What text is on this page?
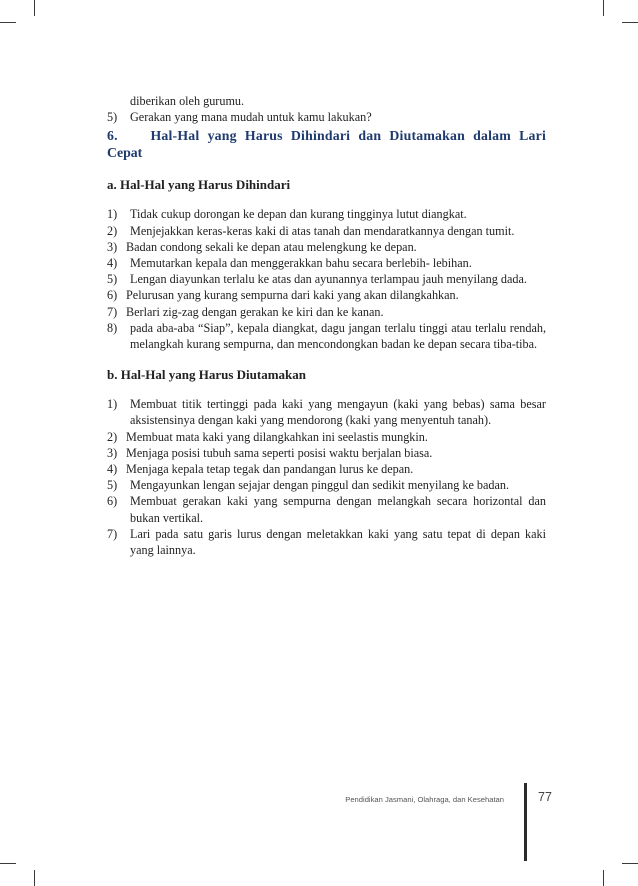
diberikan oleh gurumu.
5)	Gerakan yang mana mudah untuk kamu lakukan?
6. Hal-Hal yang Harus Dihindari dan Diutamakan dalam Lari
Cepat
a. Hal-Hal yang Harus Dihindari
1)	Tidak cukup dorongan ke depan dan kurang tingginya lutut diangkat.
2)	Menjejakkan keras-keras kaki di atas tanah dan mendaratkannya dengan tumit.
3) Badan condong sekali ke depan atau melengkung ke depan.
4)	Memutarkan kepala dan menggerakkan bahu secara berlebih- lebihan.
5)	Lengan diayunkan terlalu ke atas dan ayunannya terlampau jauh menyilang dada.
6) Pelurusan yang kurang sempurna dari kaki yang akan dilangkahkan.
7) Berlari zig-zag dengan gerakan ke kiri dan ke kanan.
8)	pada aba-aba “Siap”, kepala diangkat, dagu jangan terlalu tinggi atau terlalu rendah, melangkah kurang sempurna, dan mencondongkan badan ke depan secara tiba-tiba.
b. Hal-Hal yang Harus Diutamakan
1)	Membuat titik tertinggi pada kaki yang mengayun (kaki yang bebas) sama besar aksistensinya dengan kaki yang mendorong (kaki yang menyentuh tanah).
2) Membuat mata kaki yang dilangkahkan ini seelastis mungkin.
3) Menjaga posisi tubuh sama seperti posisi waktu berjalan biasa.
4) Menjaga kepala tetap tegak dan pandangan lurus ke depan.
5)	Mengayunkan lengan sejajar dengan pinggul dan sedikit menyilang ke badan.
6)	Membuat gerakan kaki yang sempurna dengan melangkah secara horizontal dan bukan vertikal.
7)	Lari pada satu garis lurus dengan meletakkan kaki yang satu tepat di depan kaki yang lainnya.
Pendidikan Jasmani, Olahraga, dan Kesehatan	77
